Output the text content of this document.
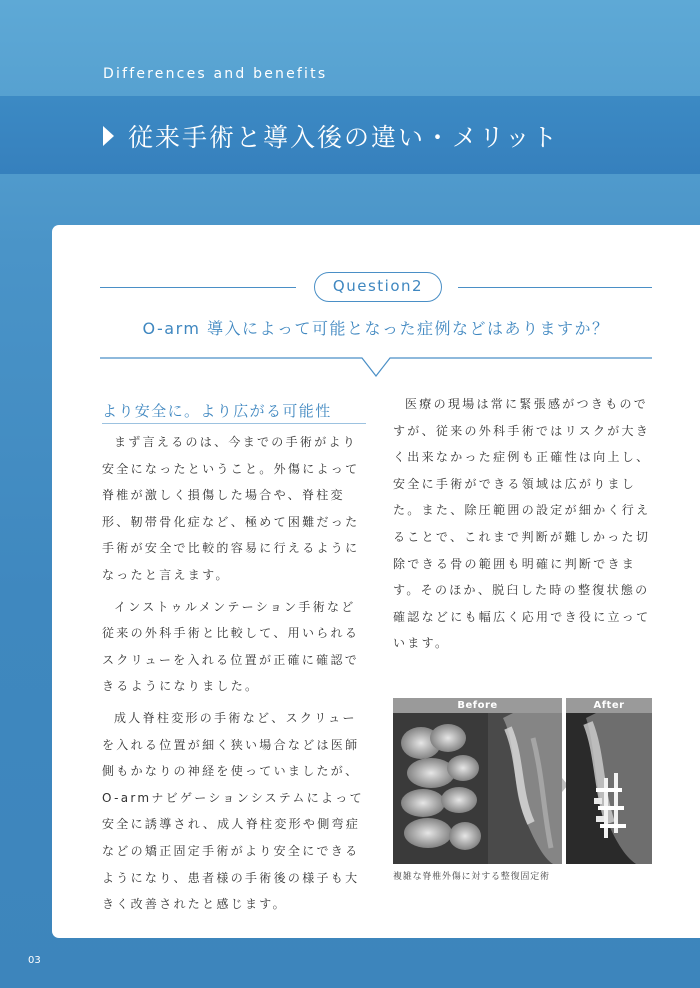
Differences and benefits
従来手術と導入後の違い・メリット
Question2
O-arm 導入によって可能となった症例などはありますか？
より安全に。より広がる可能性

まず言えるのは、今までの手術がより安全になったということ。外傷によって脊椎が激しく損傷した場合や、脊柱変形、靭帯骨化症など、極めて困難だった手術が安全で比較的容易に行えるようになったと言えます。

インストゥルメンテーション手術など従来の外科手術と比較して、用いられるスクリューを入れる位置が正確に確認できるようになりました。

成人脊柱変形の手術など、スクリューを入れる位置が細く狭い場合などは医師側もかなりの神経を使っていましたが、O-armナビゲーションシステムによって安全に誘導され、成人脊柱変形や側弯症などの矯正固定手術がより安全にできるようになり、患者様の手術後の様子も大きく改善されたと感じます。

医療の現場は常に緊張感がつきものですが、従来の外科手術ではリスクが大きく出来なかった症例も正確性は向上し、安全に手術ができる領域は広がりました。また、除圧範囲の設定が細かく行えることで、これまで判断が難しかった切除できる骨の範囲も明確に判断できます。そのほか、脱臼した時の整復状態の確認などにも幅広く応用でき役に立っています。

Before	After
複雑な脊椎外傷に対する整復固定術
03
